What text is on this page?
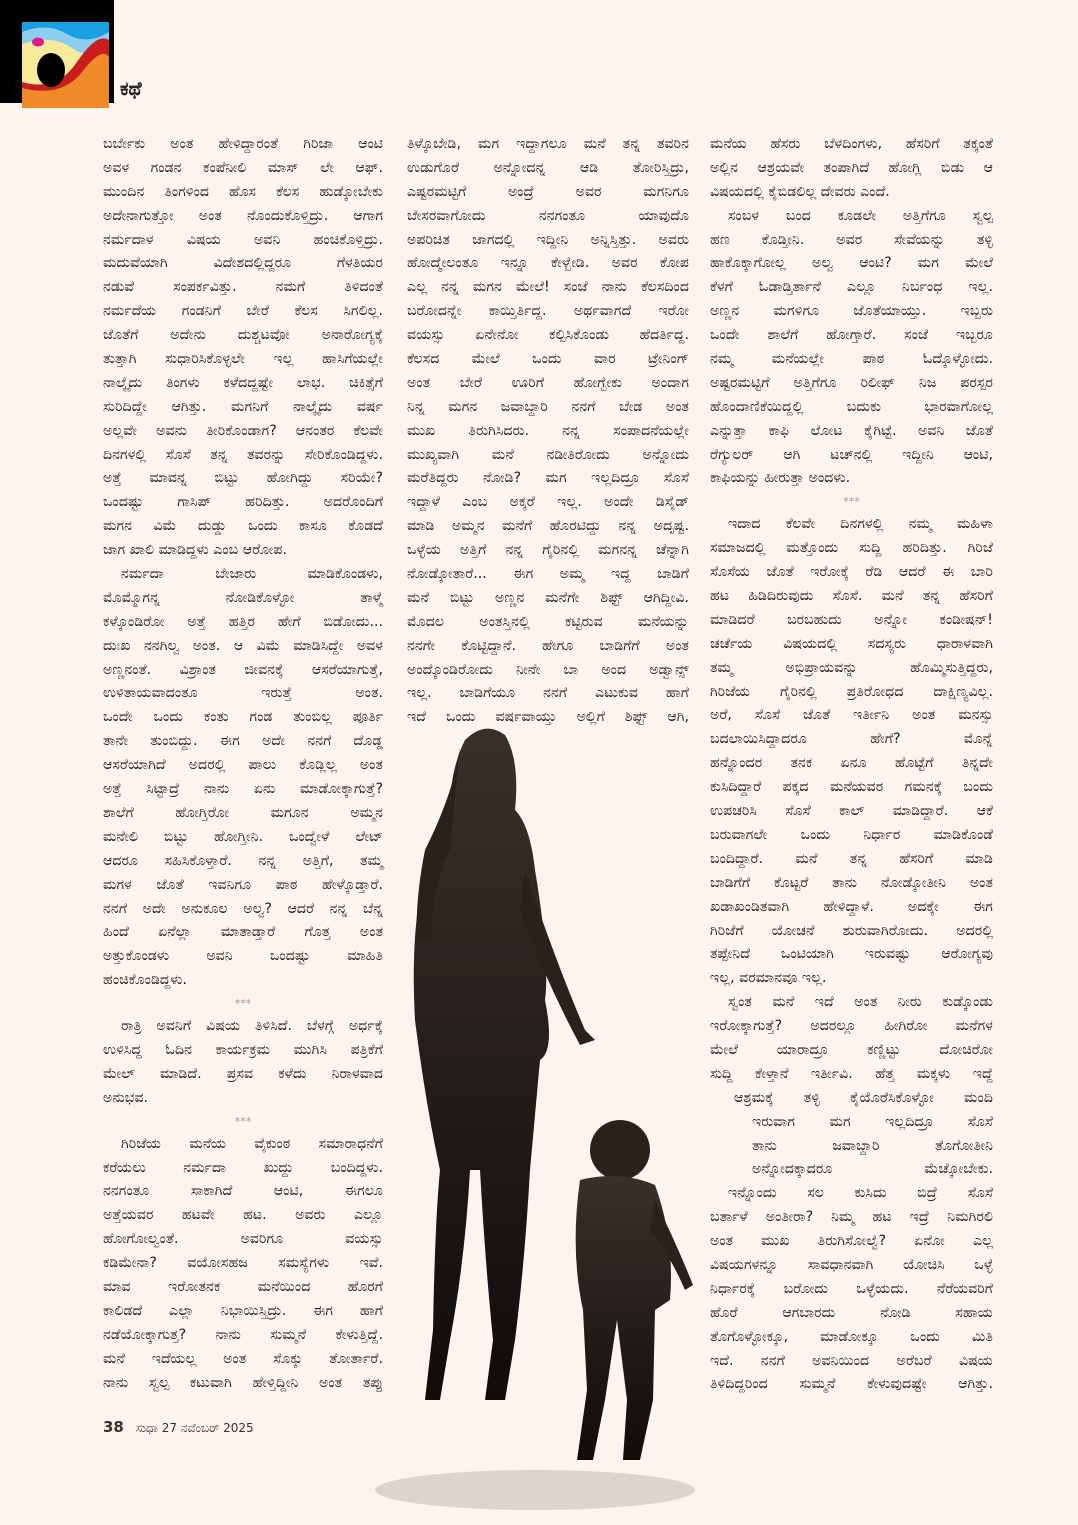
ಕಥೆ
ಬರ್ಬೇಕು ಅಂತ ಹೇಳಿದ್ದಾರಂತೆ ಗಿರಿಜಾ ಆಂಟಿ
ಅವಳ ಗಂಡನ ಕಂಪೆನೀಲಿ ಮಾಸ್ ಲೇ ಆಫ್.
ಮುಂದಿನ ತಿಂಗಳಿಂದ ಹೊಸ ಕೆಲಸ ಹುಡ್ಕೋಬೇಕು
ಅದೇನಾಗುತ್ತೋ ಅಂತ ನೊಂದುಕೊಳ್ತಿದ್ರು. ಆಗಾಗ
ನರ್ಮದಾಳ ವಿಷಯ ಅವನಿ ಹಂಚಿಕೊಳ್ತಿದ್ರು.
ಮದುವೆಯಾಗಿ ವಿದೇಶದಲ್ಲಿದ್ದರೂ ಗೆಳತಿಯರ
ನಡುವೆ ಸಂಪರ್ಕವಿತ್ತು. ನಮಗೆ ತಿಳಿದಂತೆ
ನರ್ಮದೆಯ ಗಂಡನಿಗೆ ಬೇರೆ ಕೆಲಸ ಸಿಗಲಿಲ್ಲ.
ಜೊತೆಗೆ ಅದೇನು ದುಶ್ಚಟವೋ ಅನಾರೋಗ್ಯಕ್ಕೆ
ತುತ್ತಾಗಿ ಸುಧಾರಿಸಿಕೊಳ್ಳಲೇ ಇಲ್ಲ ಹಾಸಿಗೆಯಲ್ಲೇ
ನಾಲ್ಕೈದು ತಿಂಗಳು ಕಳೆದದ್ದಷ್ಟೇ ಲಾಭ. ಚಿಕಿತ್ಸೆಗೆ
ಸುರಿದಿದ್ದೇ ಆಗಿತ್ತು. ಮಗನಿಗೆ ನಾಲ್ಕೈದು ವರ್ಷ
ಅಲ್ಲವೇ ಅವನು ತೀರಿಕೊಂಡಾಗ? ಆನಂತರ ಕೆಲವೇ
ದಿನಗಳಲ್ಲಿ ಸೊಸೆ ತನ್ನ ತವರನ್ನು ಸೇರಿಕೊಂಡಿದ್ದಳು.
ಅತ್ತೆ ಮಾವನ್ನ ಬಿಟ್ಟು ಹೋಗಿದ್ದು ಸರಿಯೇ?
ಒಂದಷ್ಟು ಗಾಸಿಪ್ ಹರಿದಿತ್ತು. ಅದರೊಂದಿಗೆ
ಮಗನ ವಿಮೆ ದುಡ್ಡು ಒಂದು ಕಾಸೂ ಕೊಡದೆ
ಜಾಗ ಖಾಲಿ ಮಾಡಿದ್ದಳು ಎಂಬ ಆರೋಪ.
ನರ್ಮದಾ ಬೇಜಾರು ಮಾಡಿಕೊಂಡಳು,
ಮೊಮ್ಮೊಗನ್ನ ನೋಡಿಕೊಳ್ಳೋ ತಾಳ್ಮೆ
ಕಳ್ಕೊಂಡಿರೋ ಅತ್ತೆ ಹತ್ತಿರ ಹೇಗೆ ಬಿಡೋದು...
ದುಃಖ ನನಗಿಲ್ವ ಅಂತ. ಆ ವಿಮೆ ಮಾಡಿಸಿದ್ದೇ ಅವಳ
ಅಣ್ಣನಂತೆ. ವಿಶ್ರಾಂತ ಜೀವನಕ್ಕೆ ಆಸರೆಯಾಗುತ್ತೆ,
ಉಳಿತಾಯವಾದಂತೂ ಇರುತ್ತೆ ಅಂತ.
ಒಂದೇ ಒಂದು ಕಂತು ಗಂಡ ತುಂಬಿಲ್ಲ ಪೂರ್ತಿ
ತಾನೇ ತುಂಬಿದ್ದು. ಈಗ ಅದೇ ನನಗೆ ದೊಡ್ಡ
ಆಸರೆಯಾಗಿದೆ ಅದರಲ್ಲಿ ಪಾಲು ಕೊಡ್ಲಿಲ್ಲ ಅಂತ
ಅತ್ತೆ ಸಿಟ್ಟಾದ್ರೆ ನಾನು ಏನು ಮಾಡೋಕ್ಕಾಗುತ್ತೆ?
ಶಾಲೆಗೆ ಹೋಗ್ತಿರೋ ಮಗೂನ ಅಮ್ಮನ
ಮನೇಲಿ ಬಿಟ್ಟು ಹೋಗ್ತೀನಿ. ಒಂದ್ವೇಳೆ ಲೇಟ್
ಆದರೂ ಸಹಿಸಿಕೊಳ್ತಾರೆ. ನನ್ನ ಅತ್ತಿಗೆ, ತಮ್ಮ
ಮಗಳ ಜೊತೆ ಇವನಿಗೂ ಪಾಠ ಹೇಳ್ಕೊಡ್ತಾರೆ.
ನನಗೆ ಅದೇ ಅನುಕೂಲ ಅಲ್ವ? ಆದರೆ ನನ್ನ ಬೆನ್ನ
ಹಿಂದೆ ಏನೆಲ್ಲಾ ಮಾತಾಡ್ತಾರೆ ಗೊತ್ತ ಅಂತ
ಅತ್ತುಕೊಂಡಳು ಅವನಿ ಒಂದಷ್ಟು ಮಾಹಿತಿ
ಹಂಚಿಕೊಂಡಿದ್ದಳು.
***
ರಾತ್ರಿ ಅವನಿಗೆ ವಿಷಯ ತಿಳಿಸಿದೆ. ಬೆಳಗ್ಗೆ ಅರ್ಧಕ್ಕೆ
ಉಳಿಸಿದ್ದ ಓದಿನ ಕಾರ್ಯಕ್ರಮ ಮುಗಿಸಿ ಪತ್ರಿಕೆಗೆ
ಮೇಲ್ ಮಾಡಿದೆ. ಪ್ರಸವ ಕಳೆದು ನಿರಾಳವಾದ
ಅನುಭವ.
***
ಗಿರಿಜೆಯ ಮನೆಯ ವೈಕುಂಠ ಸಮಾರಾಧನೆಗೆ
ಕರೆಯಲು ನರ್ಮದಾ ಖುದ್ದು ಬಂದಿದ್ದಳು.
ನನಗಂತೂ ಸಾಕಾಗಿದೆ ಆಂಟಿ, ಈಗಲೂ
ಅತ್ತೆಯವರ ಹಟವೇ ಹಟ. ಅವರು ಎಲ್ಲೂ
ಹೋಗೋಲ್ವಂತೆ. ಅವರಿಗೂ ವಯಸ್ಸು
ಕಡಿಮೇನಾ? ವಯೋಸಹಜ ಸಮಸ್ಯೆಗಳು ಇವೆ.
ಮಾವ ಇರೋತನಕ ಮನೆಯಿಂದ ಹೊರಗೆ
ಕಾಲಿಡದೆ ಎಲ್ಲಾ ನಿಭಾಯಿಸ್ತಿದ್ರು. ಈಗ ಹಾಗೆ
ನಡೆಯೋಕ್ಕಾಗುತ್ತ? ನಾನು ಸುಮ್ಮನೆ ಕೇಳುತ್ತಿದ್ದೆ.
ಮನೆ ಇದೆಯಲ್ಲ ಅಂತ ಸೊಕ್ಕು ತೋರ್ತಾರೆ.
ನಾನು ಸ್ವಲ್ಪ ಕಟುವಾಗಿ ಹೇಳ್ತಿದ್ದೀನಿ ಅಂತ ತಪ್ಪು
ತಿಳ್ಕೊಬೇಡಿ, ಮಗ ಇದ್ದಾಗಲೂ ಮನೆ ತನ್ನ ತವರಿನ
ಉಡುಗೊರೆ ಅನ್ನೋದನ್ನ ಆಡಿ ತೋರಿಸ್ತಿದ್ರು,
ಎಷ್ಟರಮಟ್ಟಿಗೆ ಅಂದ್ರೆ ಅವರ ಮಗನಿಗೂ
ಬೇಸರವಾಗೋದು ನನಗಂತೂ ಯಾವುದೊ
ಅಪರಿಚಿತ ಜಾಗದಲ್ಲಿ ಇದ್ದೀನಿ ಅನ್ನಿಸ್ತಿತ್ತು. ಅವರು
ಹೋದ್ಮೇಲಂತೂ ಇನ್ನೂ ಕೇಳ್ಬೇಡಿ. ಅವರ ಕೋಪ
ಎಲ್ಲ ನನ್ನ ಮಗನ ಮೇಲೆ! ಸಂಜೆ ನಾನು ಕೆಲಸದಿಂದ
ಬರೋದನ್ನೇ ಕಾಯ್ತಿರ್ತಿದ್ದ. ಅರ್ಥವಾಗದೆ ಇರೋ
ವಯಸ್ಸು ಏನೇನೋ ಕಲ್ಪಿಸಿಕೊಂಡು ಹೆದರ್ತಿದ್ದ.
ಕೆಲಸದ ಮೇಲೆ ಒಂದು ವಾರ ಟ್ರೇನಿಂಗ್
ಅಂತ ಬೇರೆ ಊರಿಗೆ ಹೋಗ್ಬೇಕು ಅಂದಾಗ
ನಿನ್ನ ಮಗನ ಜವಾಬ್ದಾರಿ ನನಗೆ ಬೇಡ ಅಂತ
ಮುಖ ತಿರುಗಿಸಿದರು. ನನ್ನ ಸಂಪಾದನೆಯಲ್ಲೇ
ಮುಖ್ಯವಾಗಿ ಮನೆ ನಡೀತಿರೋದು ಅನ್ನೋದು
ಮರೆತಿದ್ದರು ನೋಡಿ? ಮಗ ಇಲ್ಲದಿದ್ರೂ ಸೊಸೆ
ಇದ್ದಾಳೆ ಎಂಬ ಅಕ್ಕರೆ ಇಲ್ಲ. ಅಂದೇ ಡಿಸೈಡ್
ಮಾಡಿ ಅಮ್ಮನ ಮನೆಗೆ ಹೊರಟಿದ್ದು ನನ್ನ ಅದೃಷ್ಟ.
ಒಳ್ಳೆಯ ಅತ್ತಿಗೆ ನನ್ನ ಗೈರಿನಲ್ಲಿ ಮಗನನ್ನ ಚೆನ್ನಾಗಿ
ನೋಡ್ಕೋತಾರೆ... ಈಗ ಅಮ್ಮ ಇದ್ದ ಬಾಡಿಗೆ
ಮನೆ ಬಿಟ್ಟು ಅಣ್ಣನ ಮನೆಗೇ ಶಿಫ್ಟ್ ಆಗಿದ್ದೀವಿ.
ಮೊದಲ ಅಂತಸ್ತಿನಲ್ಲಿ ಕಟ್ಟಿರುವ ಮನೆಯನ್ನು
ನನಗೇ ಕೊಟ್ಟಿದ್ದಾನೆ. ಹೇಗೂ ಬಾಡಿಗೆಗೆ ಅಂತ
ಅಂದ್ಕೊಂಡಿರೋದು ನೀನೇ ಬಾ ಅಂದ ಅಡ್ವಾನ್ಸ್
ಇಲ್ಲ. ಬಾಡಿಗೆಯೂ ನನಗೆ ಎಟುಕುವ ಹಾಗೆ
ಇದೆ ಒಂದು ವರ್ಷವಾಯ್ತು ಅಲ್ಲಿಗೆ ಶಿಫ್ಟ್ ಆಗಿ,
ಮನೆಯ ಹೆಸರು ಬೆಳದಿಂಗಳು, ಹೆಸರಿಗೆ ತಕ್ಕಂತೆ
ಅಲ್ಲಿನ ಆಶ್ರಯವೇ ತಂಪಾಗಿದೆ ಹೋಗ್ಲಿ ಬಿಡು ಆ
ವಿಷಯದಲ್ಲಿ ಕೈಬಿಡಲಿಲ್ಲ ದೇವರು ಎಂದೆ.
ಸಂಬಳ ಬಂದ ಕೂಡಲೇ ಅತ್ತಿಗೆಗೂ ಸ್ವಲ್ಪ
ಹಣ ಕೊಡ್ತೀನಿ. ಅವರ ಸೇವೆಯನ್ನು ತಳ್ಳಿ
ಹಾಕೊಕ್ಕಾಗೋಲ್ಲ ಅಲ್ವ ಆಂಟಿ? ಮಗ ಮೇಲೆ
ಕೆಳಗೆ ಓಡಾಡ್ತಿರ್ತಾನೆ ಎಲ್ಲೂ ನಿರ್ಬಂಧ ಇಲ್ಲ.
ಅಣ್ಣನ ಮಗಳಿಗೂ ಜೊತೆಯಾಯ್ತು. ಇಬ್ಬರು
ಒಂದೇ ಶಾಲೆಗೆ ಹೋಗ್ತಾರೆ. ಸಂಜೆ ಇಬ್ಬರೂ
ನಮ್ಮ ಮನೆಯಲ್ಲೇ ಪಾಠ ಓದ್ಕೊಳ್ಳೋದು.
ಅಷ್ಟರಮಟ್ಟಿಗೆ ಅತ್ತಿಗೆಗೂ ರಿಲೀಫ್ ನಿಜ ಪರಸ್ಪರ
ಹೊಂದಾಣಿಕೆಯಿದ್ದಲ್ಲಿ ಬದುಕು ಭಾರವಾಗೋಲ್ಲ
ಎನ್ನುತ್ತಾ ಕಾಫಿ ಲೋಟ ಕೈಗಿಟ್ಟೆ. ಅವನಿ ಜೊತೆ
ರೆಗ್ಯುಲರ್ ಆಗಿ ಟಚ್‌ನಲ್ಲಿ ಇದ್ದೀನಿ ಆಂಟಿ,
ಕಾಫಿಯನ್ನು ಹೀರುತ್ತಾ ಅಂದಳು.
***
ಇದಾದ ಕೆಲವೇ ದಿನಗಳಲ್ಲಿ ನಮ್ಮ ಮಹಿಳಾ
ಸಮಾಜದಲ್ಲಿ ಮತ್ತೊಂದು ಸುದ್ದಿ ಹರಿದಿತ್ತು. ಗಿರಿಜೆ
ಸೊಸೆಯ ಜೊತೆ ಇರೋಕ್ಕೆ ರೆಡಿ ಆದರೆ ಈ ಬಾರಿ
ಹಟ ಹಿಡಿದಿರುವುದು ಸೊಸೆ. ಮನೆ ತನ್ನ ಹೆಸರಿಗೆ
ಮಾಡಿದರೆ ಬರಬಹುದು ಅನ್ನೋ ಕಂಡೀಷನ್!
ಚರ್ಚೆಯ ವಿಷಯದಲ್ಲಿ ಸದಸ್ಯರು ಧಾರಾಳವಾಗಿ
ತಮ್ಮ ಅಭಿಪ್ರಾಯವನ್ನು ಹೊಮ್ಮಿಸುತ್ತಿದ್ದರು,
ಗಿರಿಜೆಯ ಗೈರಿನಲ್ಲಿ ಪ್ರತಿರೋಧದ ದಾಕ್ಷಿಣ್ಯವಿಲ್ಲ.
ಅರೆ, ಸೊಸೆ ಜೊತೆ ಇರ್ತೀನಿ ಅಂತ ಮನಸ್ಸು
ಬದಲಾಯಿಸಿದ್ದಾದರೂ ಹೇಗೆ? ಮೊನ್ನೆ
ಹನ್ನೊಂದರ ತನಕ ಏನೂ ಹೊಟ್ಟೆಗೆ ತಿನ್ನದೇ
ಕುಸಿದಿದ್ದಾರೆ ಪಕ್ಕದ ಮನೆಯವರ ಗಮನಕ್ಕೆ ಬಂದು
ಉಪಚರಿಸಿ ಸೊಸೆ ಕಾಲ್ ಮಾಡಿದ್ದಾರೆ. ಆಕೆ
ಬರುವಾಗಲೇ ಒಂದು ನಿರ್ಧಾರ ಮಾಡಿಕೊಂಡೆ
ಬಂದಿದ್ದಾರೆ. ಮನೆ ತನ್ನ ಹೆಸರಿಗೆ ಮಾಡಿ
ಬಾಡಿಗೆಗೆ ಕೊಟ್ಟರೆ ತಾನು ನೋಡ್ಕೋತೀನಿ ಅಂತ
ಖಡಾಖಂಡಿತವಾಗಿ ಹೇಳಿದ್ದಾಳೆ. ಅದಕ್ಕೇ ಈಗ
ಗಿರಿಜೆಗೆ ಯೋಚನೆ ಶುರುವಾಗಿರೋದು. ಅದರಲ್ಲಿ
ತಪ್ಪೇನಿದೆ ಒಂಟಿಯಾಗಿ ಇರುವಷ್ಟು ಆರೋಗ್ಯವು
ಇಲ್ಲ, ವರಮಾನವೂ ಇಲ್ಲ.
ಸ್ವಂತ ಮನೆ ಇದೆ ಅಂತ ನೀರು ಕುಡ್ಕೊಂಡು
ಇರೋಕ್ಕಾಗುತ್ತೆ? ಅದರಲ್ಲೂ ಹೀಗಿರೋ ಮನೆಗಳ
ಮೇಲೆ ಯಾರಾದ್ರೂ ಕಣ್ಣಿಟ್ಟು ದೋಚಿರೋ
ಸುದ್ದಿ ಕೇಳ್ತಾನೆ ಇರ್ತೀವಿ. ಹೆತ್ತ ಮಕ್ಕಳು ಇದ್ದೆ
ಆಶ್ರಮಕ್ಕೆ ತಳ್ಳಿ ಕೈಯೊರೆಸಿಕೊಳ್ಳೋ ಮಂದಿ
ಇರುವಾಗ ಮಗ ಇಲ್ಲದಿದ್ರೂ ಸೊಸೆ
ತಾನು ಜವಾಬ್ದಾರಿ ತೊಗೋತೀನಿ
ಅನ್ನೋದಕ್ಕಾದರೂ ಮೆಚ್ಕೋಬೇಕು.
ಇನ್ನೊಂದು ಸಲ ಕುಸಿದು ಬಿದ್ರೆ ಸೊಸೆ
ಬರ್ತಾಳೆ ಅಂತೀರಾ? ನಿಮ್ಮ ಹಟ ಇದ್ರೆ ನಿಮಗಿರಲಿ
ಅಂತ ಮುಖ ತಿರುಗಿಸೋಲ್ವೆ? ಏನೋ ಎಲ್ಲ
ವಿಷಯಗಳನ್ನೂ ಸಾವಧಾನವಾಗಿ ಯೋಚಿಸಿ ಒಳ್ಳೆ
ನಿರ್ಧಾರಕ್ಕೆ ಬರೋದು ಒಳ್ಳೆಯದು. ನೆರೆಯವರಿಗೆ
ಹೊರೆ ಆಗಬಾರದು ನೋಡಿ ಸಹಾಯ
ತೊಗೊಳ್ಳೋಕ್ಕೂ, ಮಾಡೋಕ್ಕೂ ಒಂದು ಮಿತಿ
ಇದೆ. ನನಗೆ ಅವನಿಯಿಂದ ಅರೆಬರೆ ವಿಷಯ
ತಿಳಿದಿದ್ದರಿಂದ ಸುಮ್ಮನೆ ಕೇಳುವುದಷ್ಟೇ ಆಗಿತ್ತು.
38 ಸುಧಾ 27 ನವೆಂಬರ್ 2025
